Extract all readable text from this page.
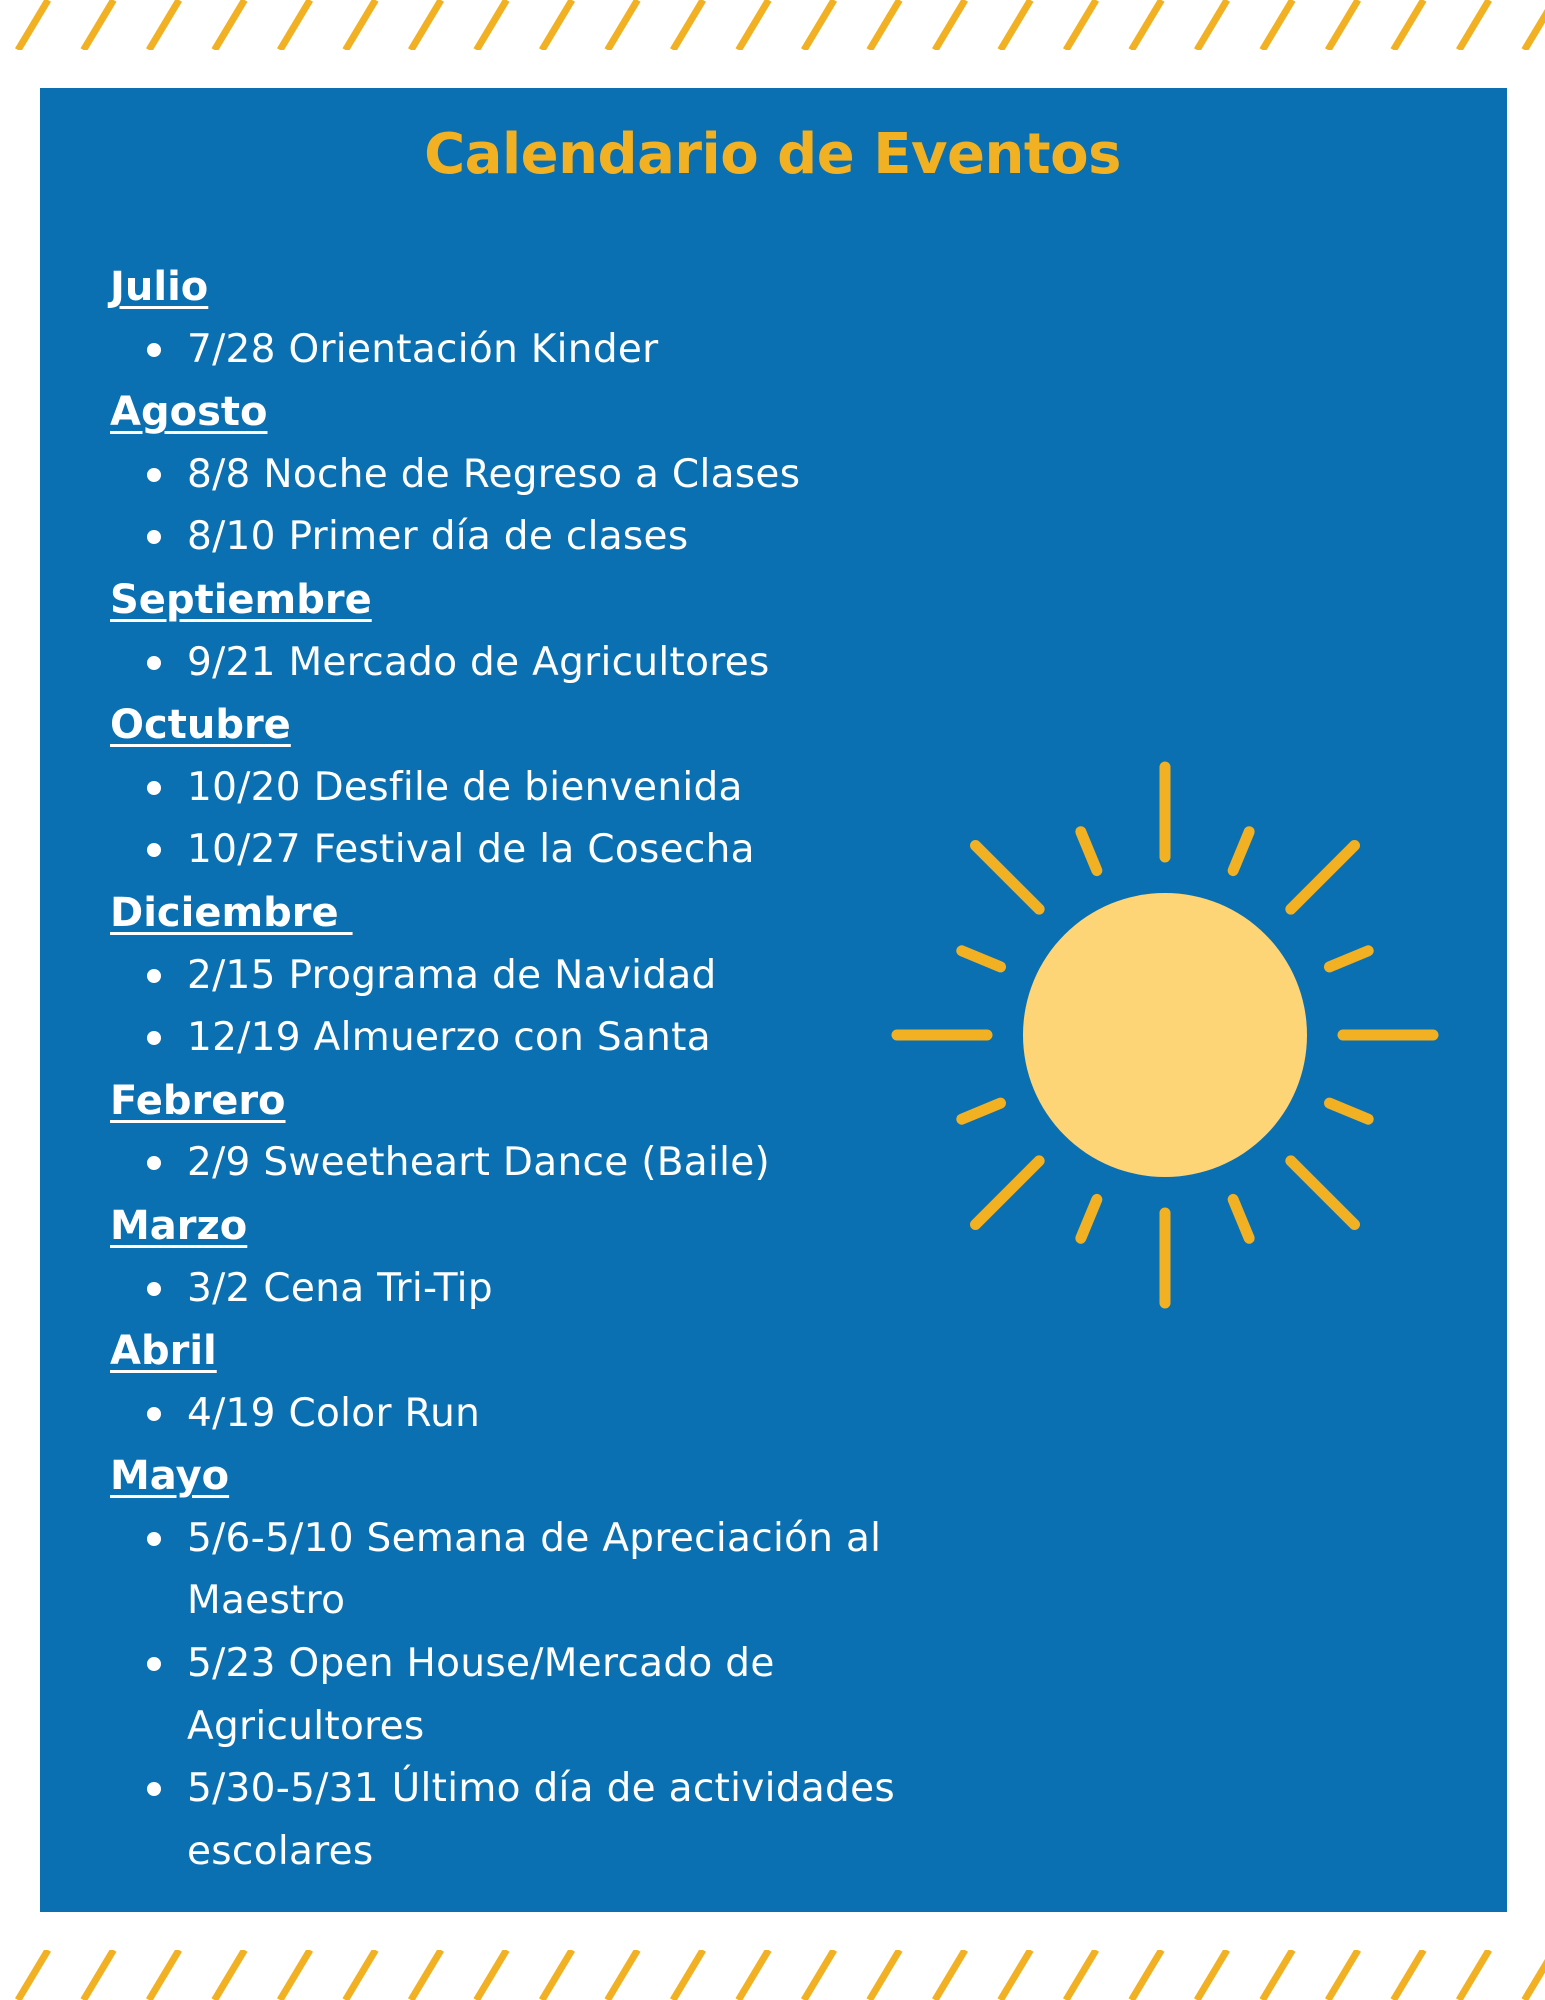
Calendario de Eventos
Julio
7/28 Orientación Kinder
Agosto
8/8 Noche de Regreso a Clases
8/10 Primer día de clases
Septiembre
9/21 Mercado de Agricultores
Octubre
10/20 Desfile de bienvenida
10/27 Festival de la Cosecha
Diciembre
2/15 Programa de Navidad
12/19 Almuerzo con Santa
Febrero
2/9 Sweetheart Dance (Baile)
Marzo
3/2 Cena Tri-Tip
Abril
4/19 Color Run
Mayo
5/6-5/10 Semana de Apreciación al Maestro
5/23 Open House/Mercado de Agricultores
5/30-5/31 Último día de actividades escolares
